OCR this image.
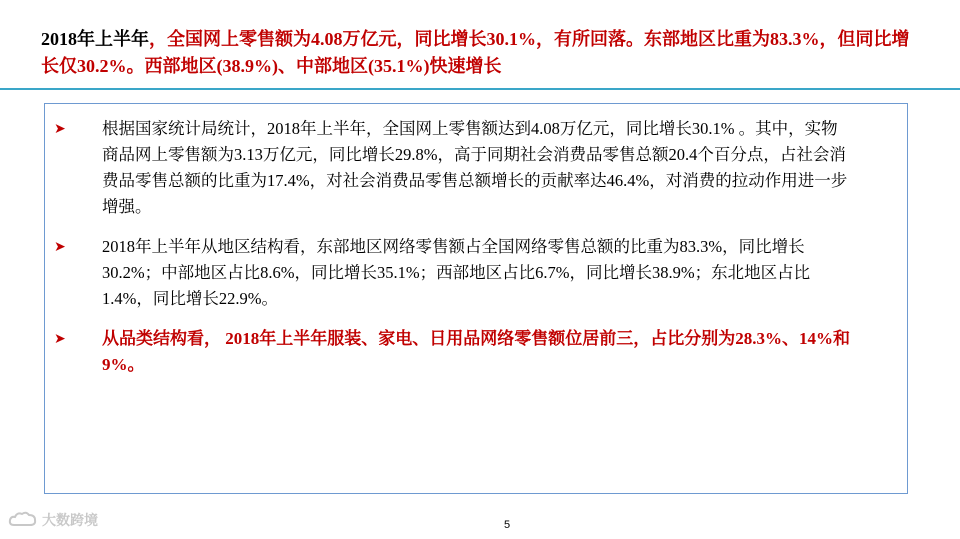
2018年上半年，全国网上零售额为4.08万亿元，同比增长30.1%，有所回落。东部地区比重为83.3%，但同比增长仅30.2%。西部地区(38.9%)、中部地区(35.1%)快速增长
➤	根据国家统计局统计，2018年上半年，全国网上零售额达到4.08万亿元，同比增长30.1% 。其中，实物商品网上零售额为3.13万亿元，同比增长29.8%，高于同期社会消费品零售总额20.4个百分点，占社会消费品零售总额的比重为17.4%，对社会消费品零售总额增长的贡献率达46.4%，对消费的拉动作用进一步增强。
➤	2018年上半年从地区结构看，东部地区网络零售额占全国网络零售总额的比重为83.3%，同比增长30.2%；中部地区占比8.6%，同比增长35.1%；西部地区占比6.7%，同比增长38.9%；东北地区占比1.4%，同比增长22.9%。
➤	从品类结构看， 2018年上半年服装、家电、日用品网络零售额位居前三，占比分别为28.3%、14%和9%。
大数跨境	5
